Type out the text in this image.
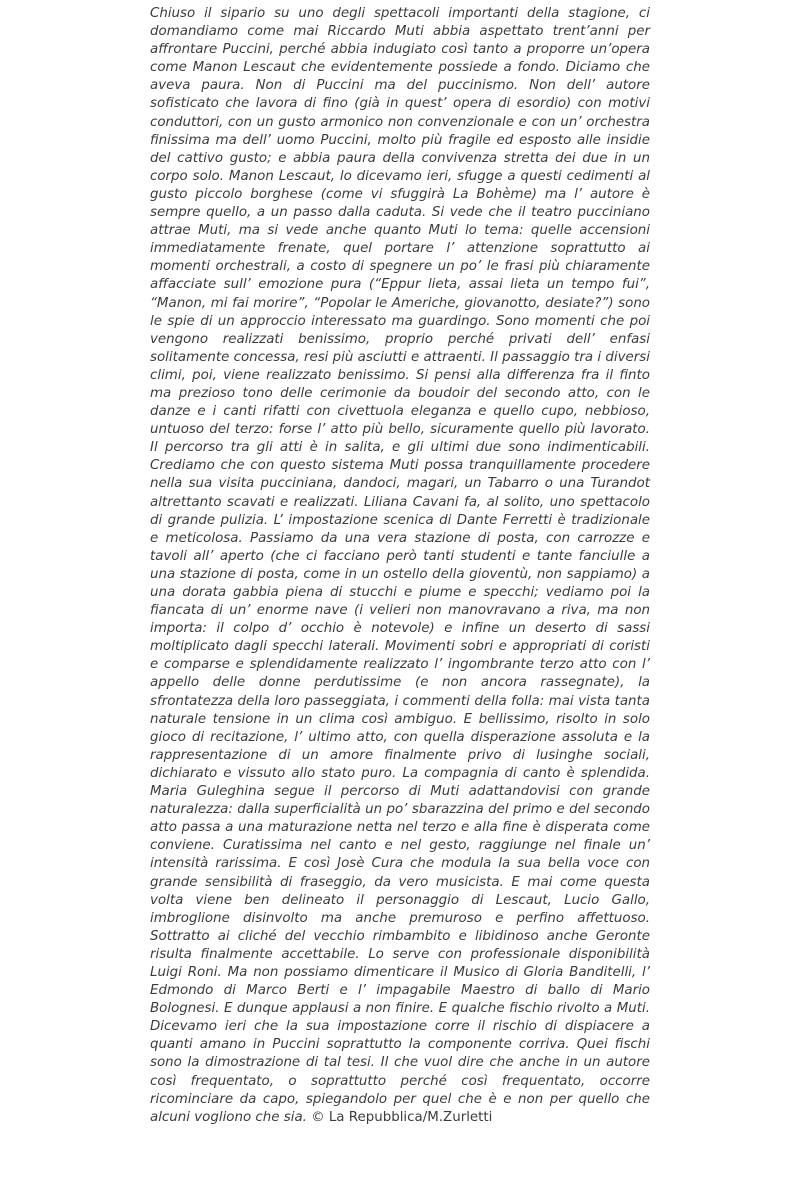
Chiuso il sipario su uno degli spettacoli importanti della stagione, ci domandiamo come mai Riccardo Muti abbia aspettato trent’anni per affrontare Puccini, perché abbia indugiato così tanto a proporre un’opera come Manon Lescaut che evidentemente possiede a fondo. Diciamo che aveva paura. Non di Puccini ma del puccinismo. Non dell’ autore sofisticato che lavora di fino (già in quest’ opera di esordio) con motivi conduttori, con un gusto armonico non convenzionale e con un’ orchestra finissima ma dell’ uomo Puccini, molto più fragile ed esposto alle insidie del cattivo gusto; e abbia paura della convivenza stretta dei due in un corpo solo. Manon Lescaut, lo dicevamo ieri, sfugge a questi cedimenti al gusto piccolo borghese (come vi sfuggirà La Bohème) ma l’ autore è sempre quello, a un passo dalla caduta. Si vede che il teatro pucciniano attrae Muti, ma si vede anche quanto Muti lo tema: quelle accensioni immediatamente frenate, quel portare l’ attenzione soprattutto ai momenti orchestrali, a costo di spegnere un po’ le frasi più chiaramente affacciate sull’ emozione pura (“Eppur lieta, assai lieta un tempo fui”, “Manon, mi fai morire”, “Popolar le Americhe, giovanotto, desiate?”) sono le spie di un approccio interessato ma guardingo. Sono momenti che poi vengono realizzati benissimo, proprio perché privati dell’ enfasi solitamente concessa, resi più asciutti e attraenti. Il passaggio tra i diversi climi, poi, viene realizzato benissimo. Si pensi alla differenza fra il finto ma prezioso tono delle cerimonie da boudoir del secondo atto, con le danze e i canti rifatti con civettuola eleganza e quello cupo, nebbioso, untuoso del terzo: forse l’ atto più bello, sicuramente quello più lavorato. Il percorso tra gli atti è in salita, e gli ultimi due sono indimenticabili. Crediamo che con questo sistema Muti possa tranquillamente procedere nella sua visita pucciniana, dandoci, magari, un Tabarro o una Turandot altrettanto scavati e realizzati. Liliana Cavani fa, al solito, uno spettacolo di grande pulizia. L’ impostazione scenica di Dante Ferretti è tradizionale e meticolosa. Passiamo da una vera stazione di posta, con carrozze e tavoli all’ aperto (che ci facciano però tanti studenti e tante fanciulle a una stazione di posta, come in un ostello della gioventù, non sappiamo) a una dorata gabbia piena di stucchi e piume e specchi; vediamo poi la fiancata di un’ enorme nave (i velieri non manovravano a riva, ma non importa: il colpo d’ occhio è notevole) e infine un deserto di sassi moltiplicato dagli specchi laterali. Movimenti sobri e appropriati di coristi e comparse e splendidamente realizzato l’ ingombrante terzo atto con l’ appello delle donne perdutissime (e non ancora rassegnate), la sfrontatezza della loro passeggiata, i commenti della folla: mai vista tanta naturale tensione in un clima così ambiguo. E bellissimo, risolto in solo gioco di recitazione, l’ ultimo atto, con quella disperazione assoluta e la rappresentazione di un amore finalmente privo di lusinghe sociali, dichiarato e vissuto allo stato puro. La compagnia di canto è splendida. Maria Guleghina segue il percorso di Muti adattandovisi con grande naturalezza: dalla superficialità un po’ sbarazzina del primo e del secondo atto passa a una maturazione netta nel terzo e alla fine è disperata come conviene. Curatissima nel canto e nel gesto, raggiunge nel finale un’ intensità rarissima. E così Josè Cura che modula la sua bella voce con grande sensibilità di fraseggio, da vero musicista. E mai come questa volta viene ben delineato il personaggio di Lescaut, Lucio Gallo, imbroglione disinvolto ma anche premuroso e perfino affettuoso. Sottratto ai cliché del vecchio rimbambito e libidinoso anche Geronte risulta finalmente accettabile. Lo serve con professionale disponibilità Luigi Roni. Ma non possiamo dimenticare il Musico di Gloria Banditelli, l’ Edmondo di Marco Berti e l’ impagabile Maestro di ballo di Mario Bolognesi. E dunque applausi a non finire. E qualche fischio rivolto a Muti. Dicevamo ieri che la sua impostazione corre il rischio di dispiacere a quanti amano in Puccini soprattutto la componente corriva. Quei fischi sono la dimostrazione di tal tesi. Il che vuol dire che anche in un autore così frequentato, o soprattutto perché così frequentato, occorre ricominciare da capo, spiegandolo per quel che è e non per quello che alcuni vogliono che sia. © La Repubblica/M.Zurletti
